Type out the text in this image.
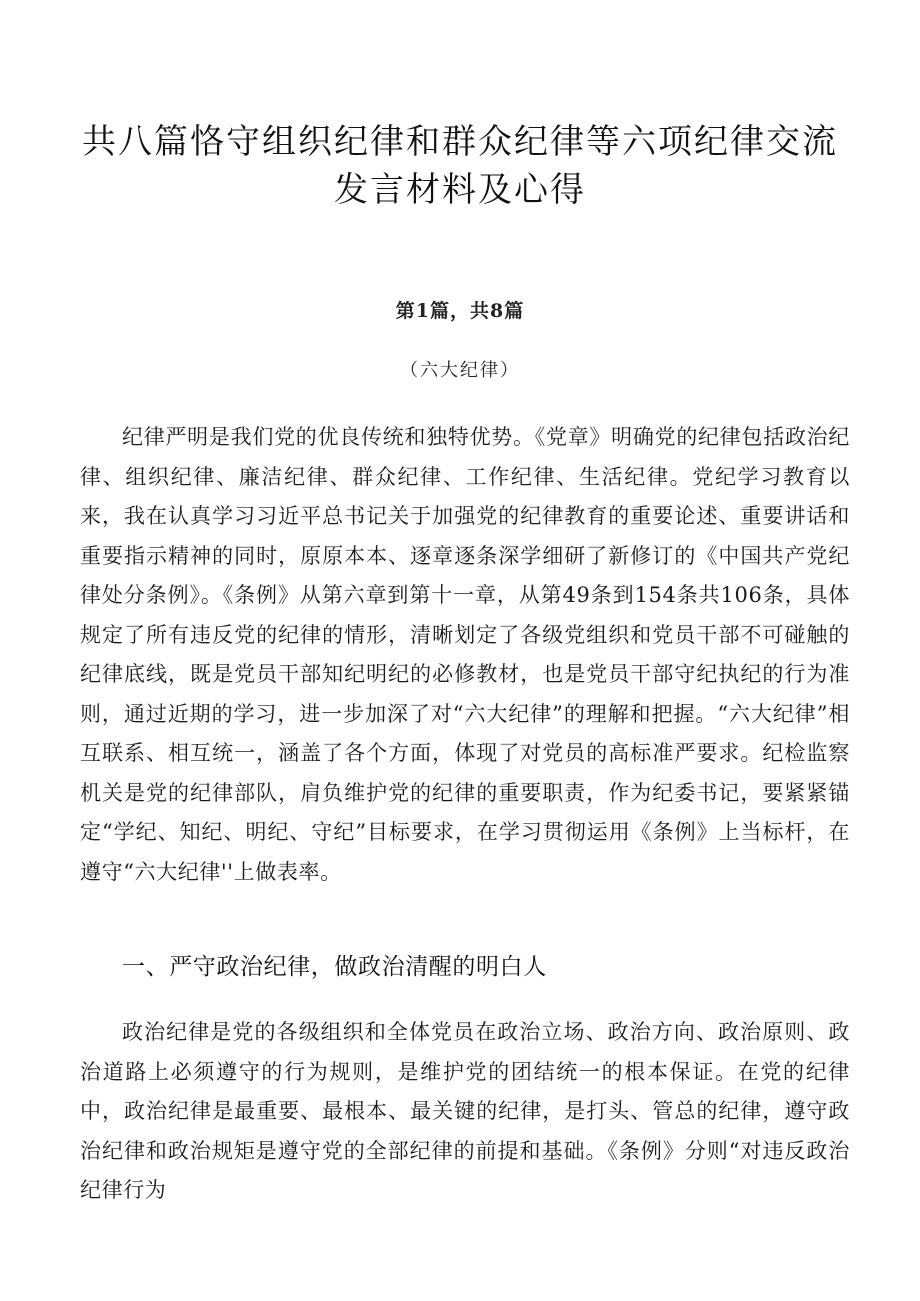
共八篇恪守组织纪律和群众纪律等六项纪律交流发言材料及心得
第1篇，共8篇
（六大纪律）

纪律严明是我们党的优良传统和独特优势。《党章》明确党的纪律包括政治纪律、组织纪律、廉洁纪律、群众纪律、工作纪律、生活纪律。党纪学习教育以来，我在认真学习习近平总书记关于加强党的纪律教育的重要论述、重要讲话和重要指示精神的同时，原原本本、逐章逐条深学细研了新修订的《中国共产党纪律处分条例》。《条例》从第六章到第十一章，从第49条到154条共106条，具体规定了所有违反党的纪律的情形，清晰划定了各级党组织和党员干部不可碰触的纪律底线，既是党员干部知纪明纪的必修教材，也是党员干部守纪执纪的行为准则，通过近期的学习，进一步加深了对“六大纪律”的理解和把握。“六大纪律”相互联系、相互统一，涵盖了各个方面，体现了对党员的高标准严要求。纪检监察机关是党的纪律部队，肩负维护党的纪律的重要职责，作为纪委书记，要紧紧锚定“学纪、知纪、明纪、守纪”目标要求，在学习贯彻运用《条例》上当标杆，在遵守“六大纪律''上做表率。

一、严守政治纪律，做政治清醒的明白人

政治纪律是党的各级组织和全体党员在政治立场、政治方向、政治原则、政治道路上必须遵守的行为规则，是维护党的团结统一的根本保证。在党的纪律中，政治纪律是最重要、最根本、最关键的纪律，是打头、管总的纪律，遵守政治纪律和政治规矩是遵守党的全部纪律的前提和基础。《条例》分则“对违反政治纪律行为
